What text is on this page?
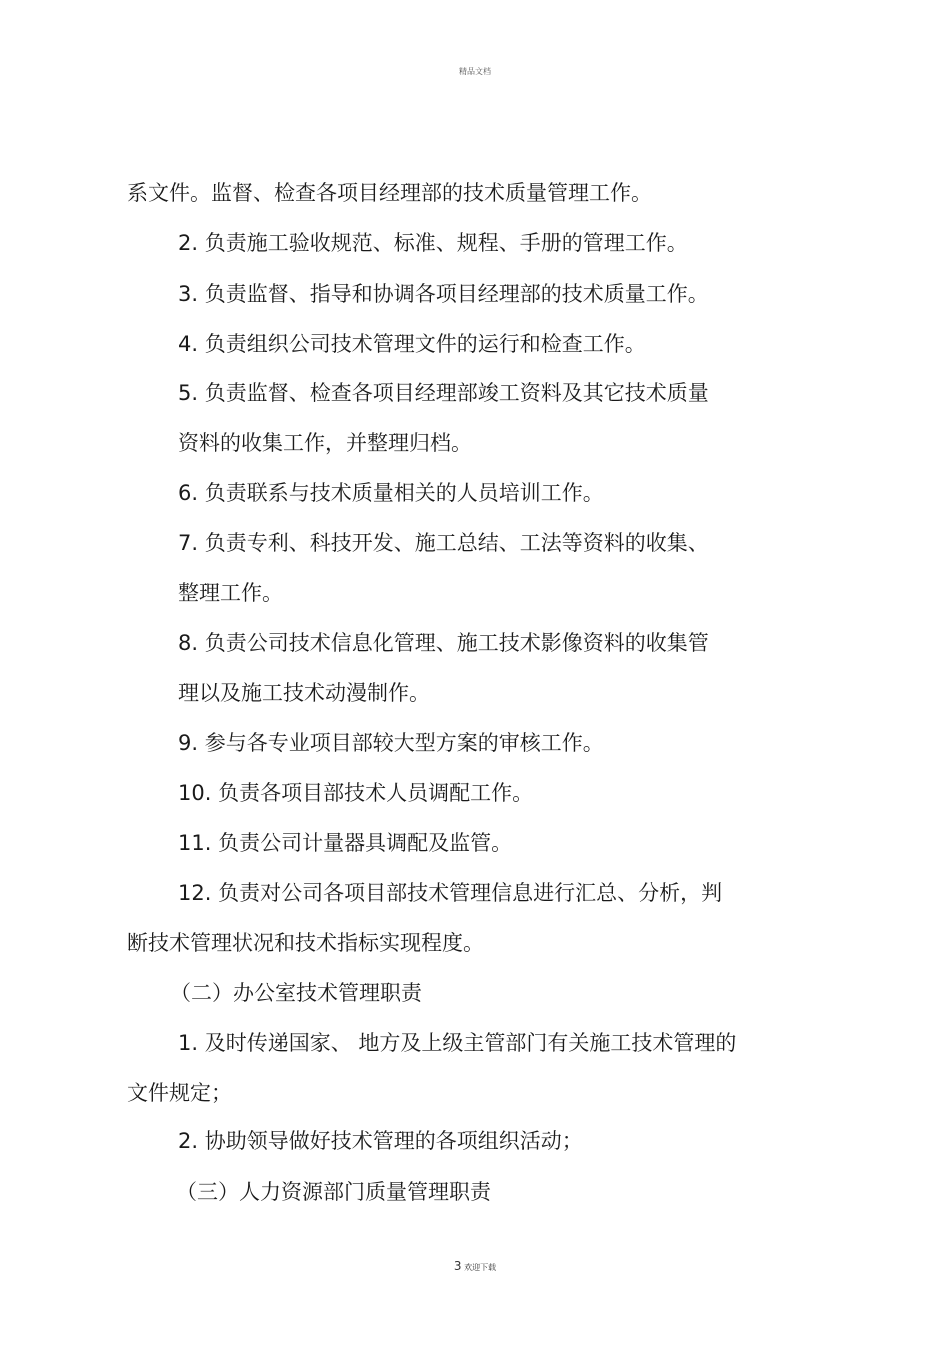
精品文档
系文件。监督、检查各项目经理部的技术质量管理工作。
2. 负责施工验收规范、标准、规程、手册的管理工作。
3. 负责监督、指导和协调各项目经理部的技术质量工作。
4. 负责组织公司技术管理文件的运行和检查工作。
5. 负责监督、检查各项目经理部竣工资料及其它技术质量
资料的收集工作，并整理归档。
6. 负责联系与技术质量相关的人员培训工作。
7. 负责专利、科技开发、施工总结、工法等资料的收集、
整理工作。
8. 负责公司技术信息化管理、施工技术影像资料的收集管
理以及施工技术动漫制作。
9. 参与各专业项目部较大型方案的审核工作。
10. 负责各项目部技术人员调配工作。
11. 负责公司计量器具调配及监管。
12. 负责对公司各项目部技术管理信息进行汇总、分析，判
断技术管理状况和技术指标实现程度。
（二）办公室技术管理职责
1. 及时传递国家、 地方及上级主管部门有关施工技术管理的
文件规定；
2. 协助领导做好技术管理的各项组织活动；
（三）人力资源部门质量管理职责
3 欢迎下载
